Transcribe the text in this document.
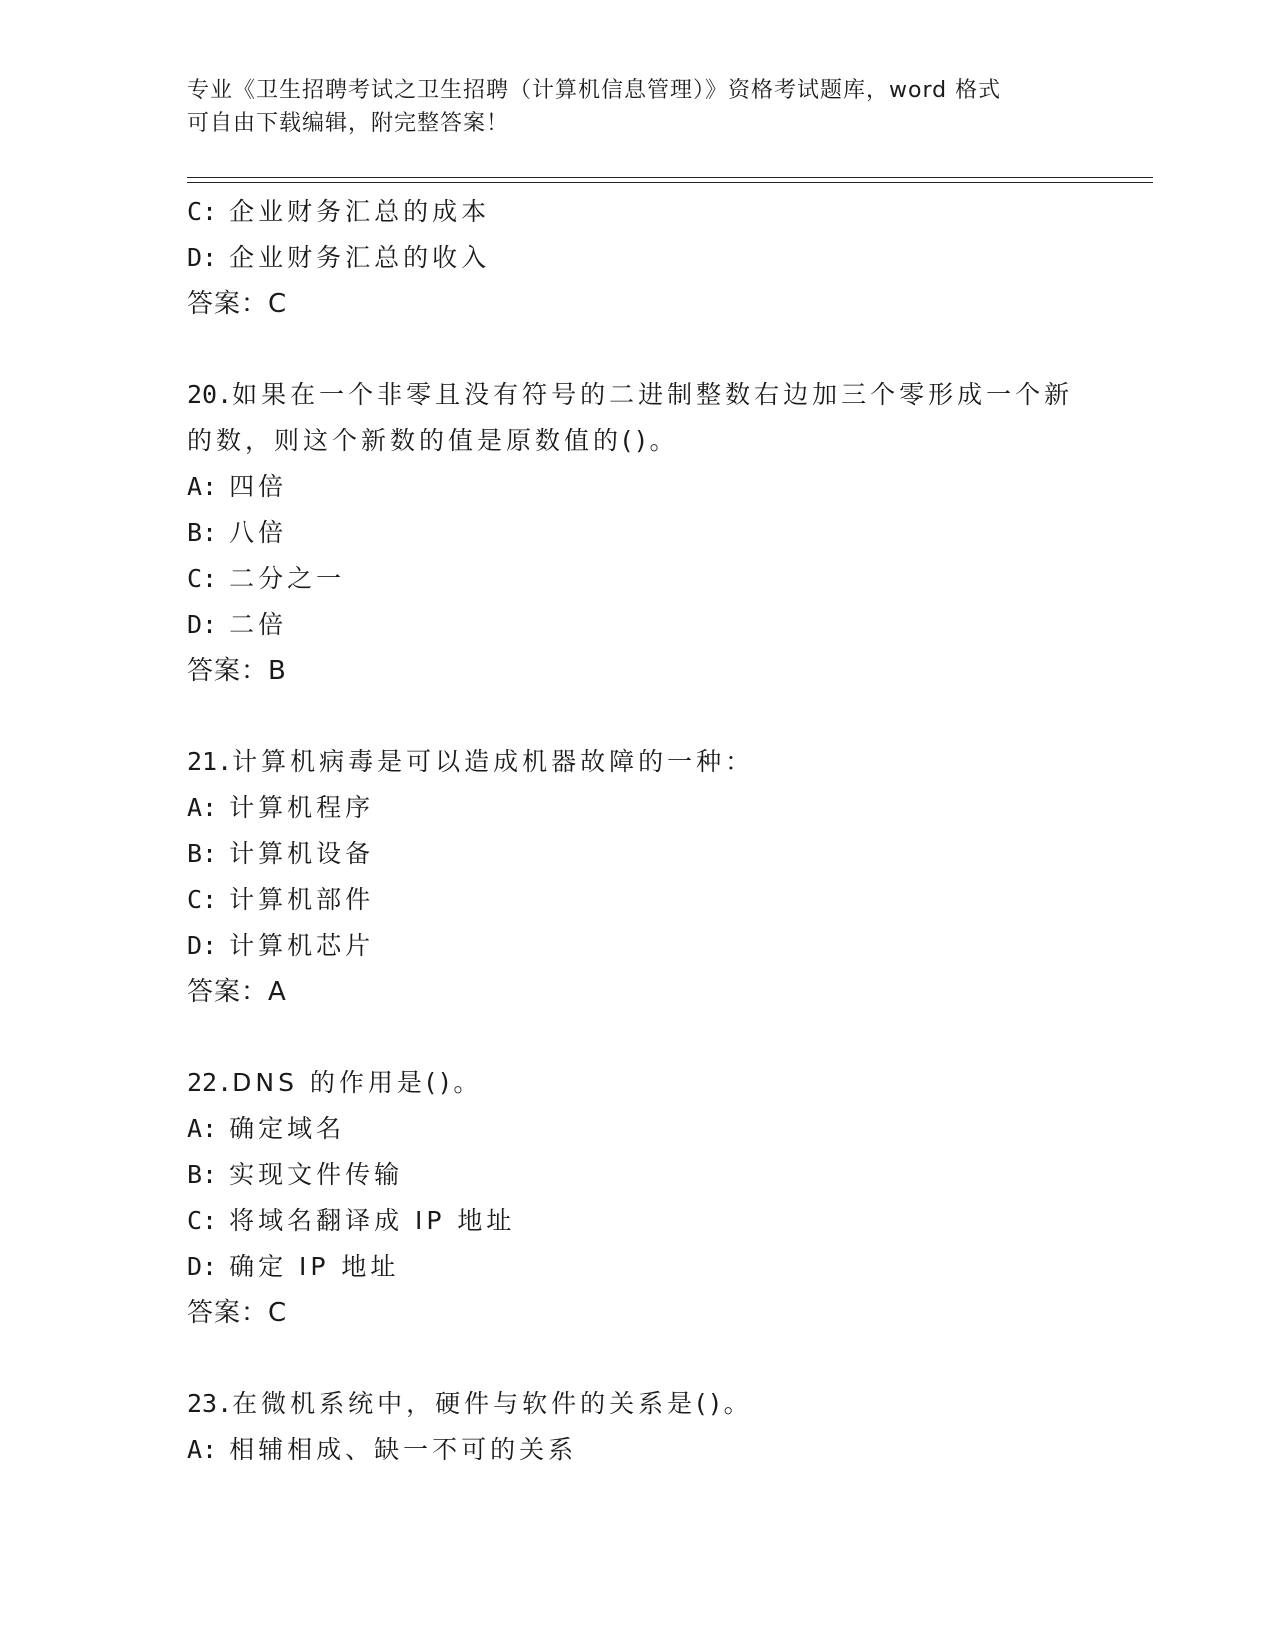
专业《卫生招聘考试之卫生招聘（计算机信息管理）》资格考试题库，word 格式
可自由下载编辑，附完整答案！
C: 企业财务汇总的成本
D: 企业财务汇总的收入
答案：C
20.如果在一个非零且没有符号的二进制整数右边加三个零形成一个新
的数，则这个新数的值是原数值的()。
A: 四倍
B: 八倍
C: 二分之一
D: 二倍
答案：B
21.计算机病毒是可以造成机器故障的一种：
A: 计算机程序
B: 计算机设备
C: 计算机部件
D: 计算机芯片
答案：A
22.DNS 的作用是()。
A: 确定域名
B: 实现文件传输
C: 将域名翻译成 IP 地址
D: 确定 IP 地址
答案：C
23.在微机系统中，硬件与软件的关系是()。
A: 相辅相成、缺一不可的关系
